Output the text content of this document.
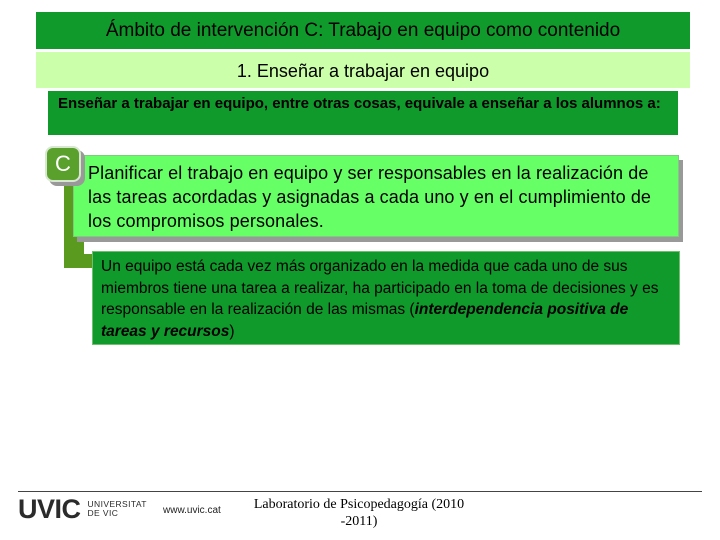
Ámbito de intervención C: Trabajo en equipo como contenido
1. Enseñar a trabajar en equipo
Enseñar a trabajar en equipo, entre otras cosas, equivale a enseñar a los alumnos a:
Planificar el trabajo en equipo y ser responsables en la realización de las tareas acordadas y asignadas a cada uno y en el cumplimiento de los compromisos personales.
C
Un equipo está cada vez más organizado en la medida que cada uno de sus miembros tiene una tarea a realizar, ha participado en la toma de decisiones y es responsable en la realización de las mismas (interdependencia positiva de tareas y recursos)
UVIC UNIVERSITAT
DE VIC	www.uvic.cat	Laboratorio de Psicopedagogía (2010
-2011)
